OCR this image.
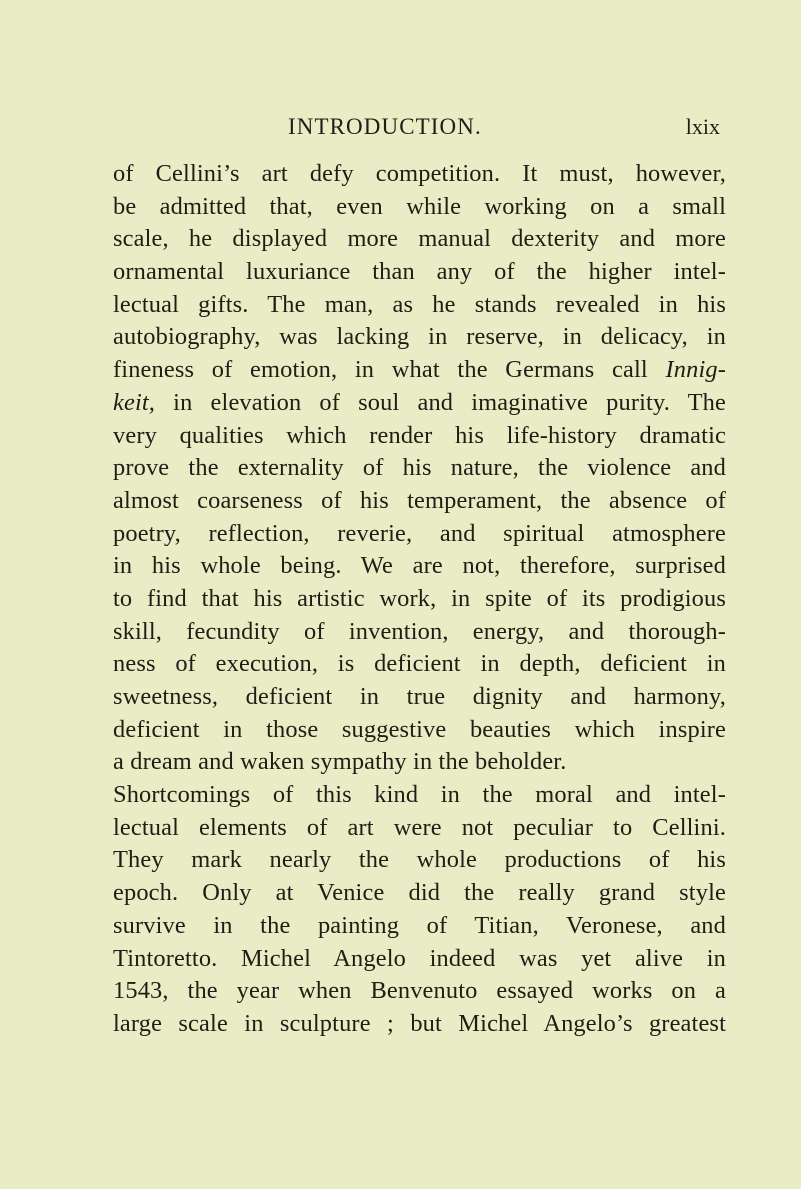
INTRODUCTION.	lxix
of Cellini’s art defy competition. It must, however,
be admitted that, even while working on a small
scale, he displayed more manual dexterity and more
ornamental luxuriance than any of the higher intel-
lectual gifts. The man, as he stands revealed in his
autobiography, was lacking in reserve, in delicacy, in
fineness of emotion, in what the Germans call Innig-
keit, in elevation of soul and imaginative purity. The
very qualities which render his life-history dramatic
prove the externality of his nature, the violence and
almost coarseness of his temperament, the absence of
poetry, reflection, reverie, and spiritual atmosphere
in his whole being. We are not, therefore, surprised
to find that his artistic work, in spite of its prodigious
skill, fecundity of invention, energy, and thorough-
ness of execution, is deficient in depth, deficient in
sweetness, deficient in true dignity and harmony,
deficient in those suggestive beauties which inspire
a dream and waken sympathy in the beholder.
Shortcomings of this kind in the moral and intel-
lectual elements of art were not peculiar to Cellini.
They mark nearly the whole productions of his
epoch. Only at Venice did the really grand style
survive in the painting of Titian, Veronese, and
Tintoretto. Michel Angelo indeed was yet alive in
1543, the year when Benvenuto essayed works on a
large scale in sculpture ; but Michel Angelo’s greatest
